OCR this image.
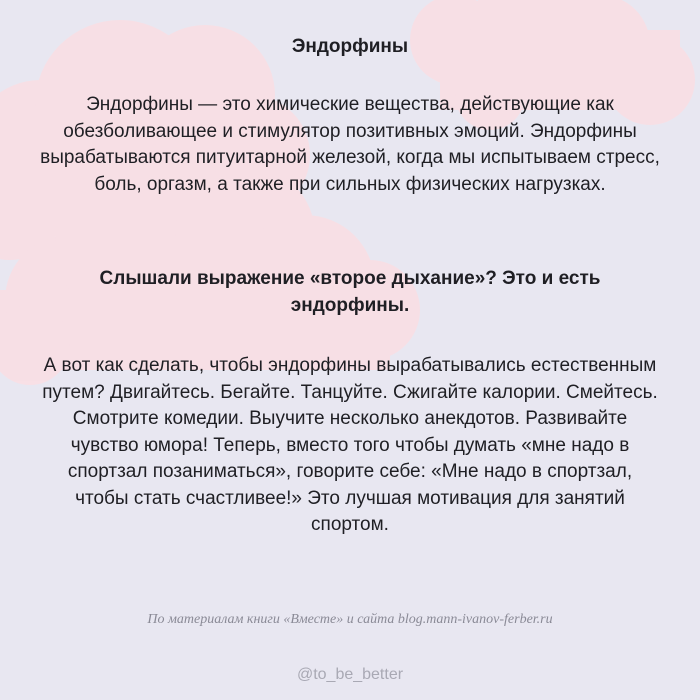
Эндорфины
Эндорфины — это химические вещества, действующие как обезболивающее и стимулятор позитивных эмоций. Эндорфины вырабатываются питуитарной железой, когда мы испытываем стресс, боль, оргазм, а также при сильных физических нагрузках.
Слышали выражение «второе дыхание»? Это и есть эндорфины.
А вот как сделать, чтобы эндорфины вырабатывались естественным путем? Двигайтесь. Бегайте. Танцуйте. Сжигайте калории. Смейтесь. Смотрите комедии. Выучите несколько анекдотов. Развивайте чувство юмора! Теперь, вместо того чтобы думать «мне надо в спортзал позаниматься», говорите себе: «Мне надо в спортзал, чтобы стать счастливее!» Это лучшая мотивация для занятий спортом.
По материалам книги «Вместе» и сайта blog.mann-ivanov-ferber.ru
@to_be_better
